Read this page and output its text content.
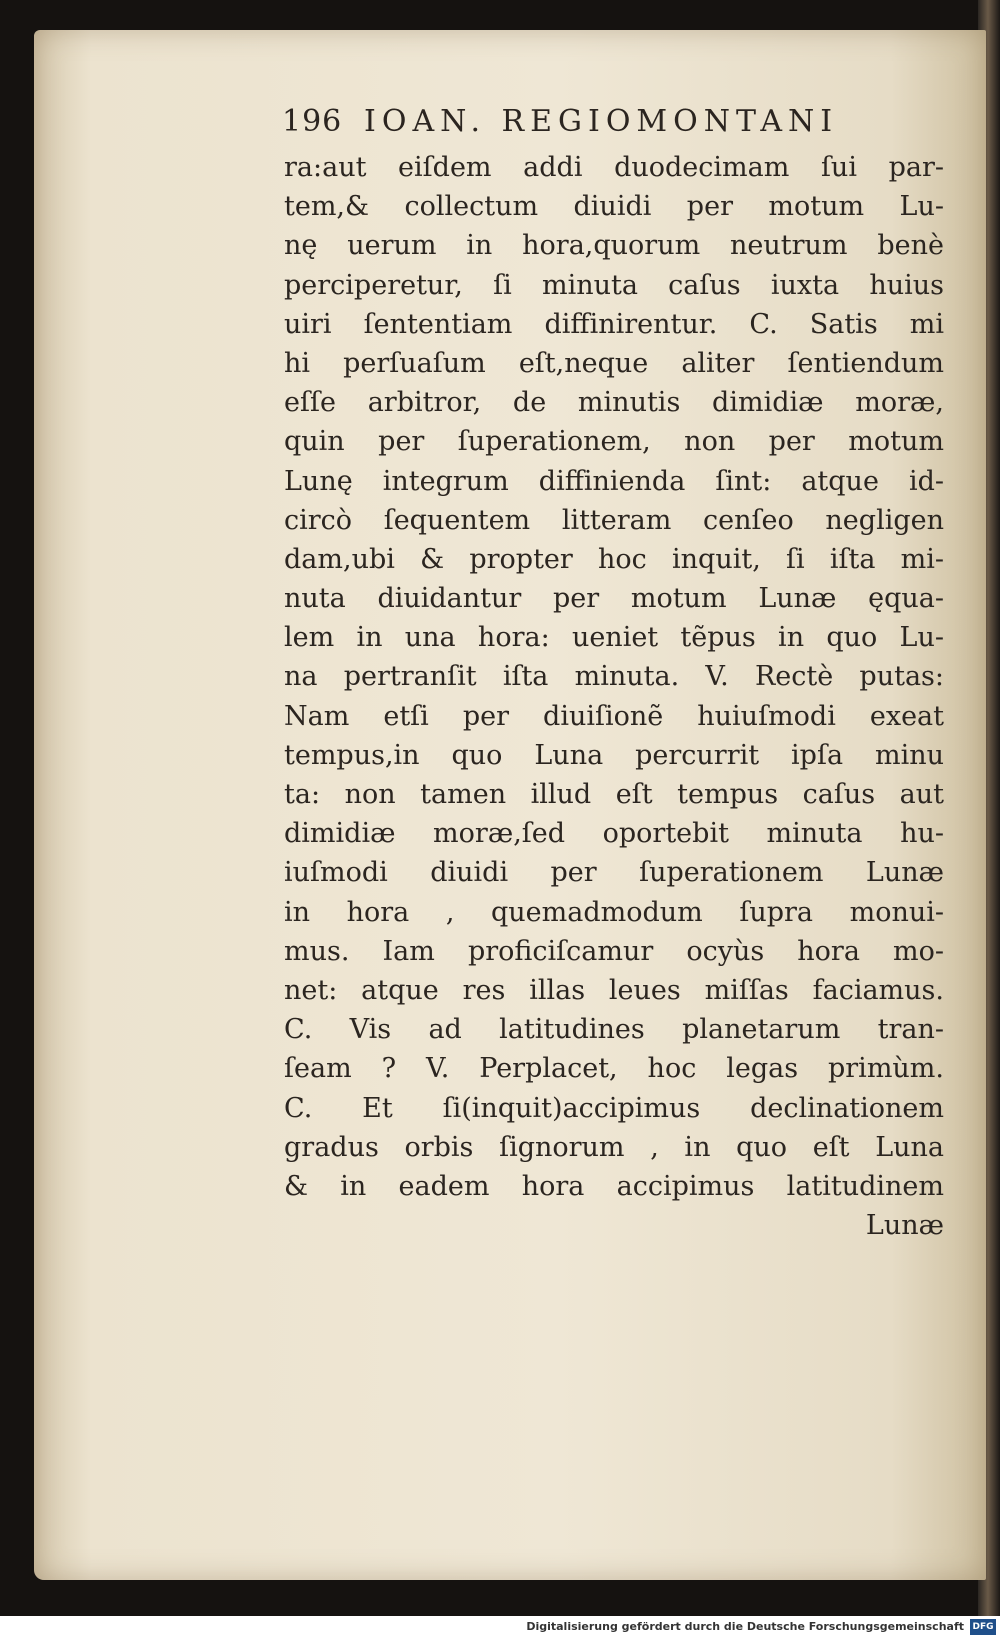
196 IOAN. REGIOMONTANI
ra:aut eiſdem addi duodecimam ſui par-
tem,& collectum diuidi per motum Lu-
nę uerum in hora,quorum neutrum benè
perciperetur, ſi minuta caſus iuxta huius
uiri ſententiam diffinirentur. C. Satis mi
hi perſuaſum eſt,neque aliter ſentiendum
eſſe arbitror, de minutis dimidiæ moræ,
quin per ſuperationem, non per motum
Lunę integrum diffinienda ſint: atque id-
circò ſequentem litteram cenſeo negligen
dam,ubi & propter hoc inquit, ſi iſta mi-
nuta diuidantur per motum Lunæ ęqua-
lem in una hora: ueniet tẽpus in quo Lu-
na pertranſit iſta minuta. V. Rectè putas:
Nam etſi per diuiſionẽ huiuſmodi exeat
tempus,in quo Luna percurrit ipſa minu
ta: non tamen illud eſt tempus caſus aut
dimidiæ moræ,ſed oportebit minuta hu-
iuſmodi diuidi per ſuperationem Lunæ
in hora , quemadmodum ſupra monui-
mus. Iam proficiſcamur ocyùs hora mo-
net: atque res illas leues miſſas faciamus.
C. Vis ad latitudines planetarum tran-
ſeam ? V. Perplacet, hoc legas primùm.
C. Et ſi(inquit)accipimus declinationem
gradus orbis ſignorum , in quo eſt Luna
& in eadem hora accipimus latitudinem
Lunæ
Digitalisierung gefördert durch die Deutsche Forschungsgemeinschaft DFG
